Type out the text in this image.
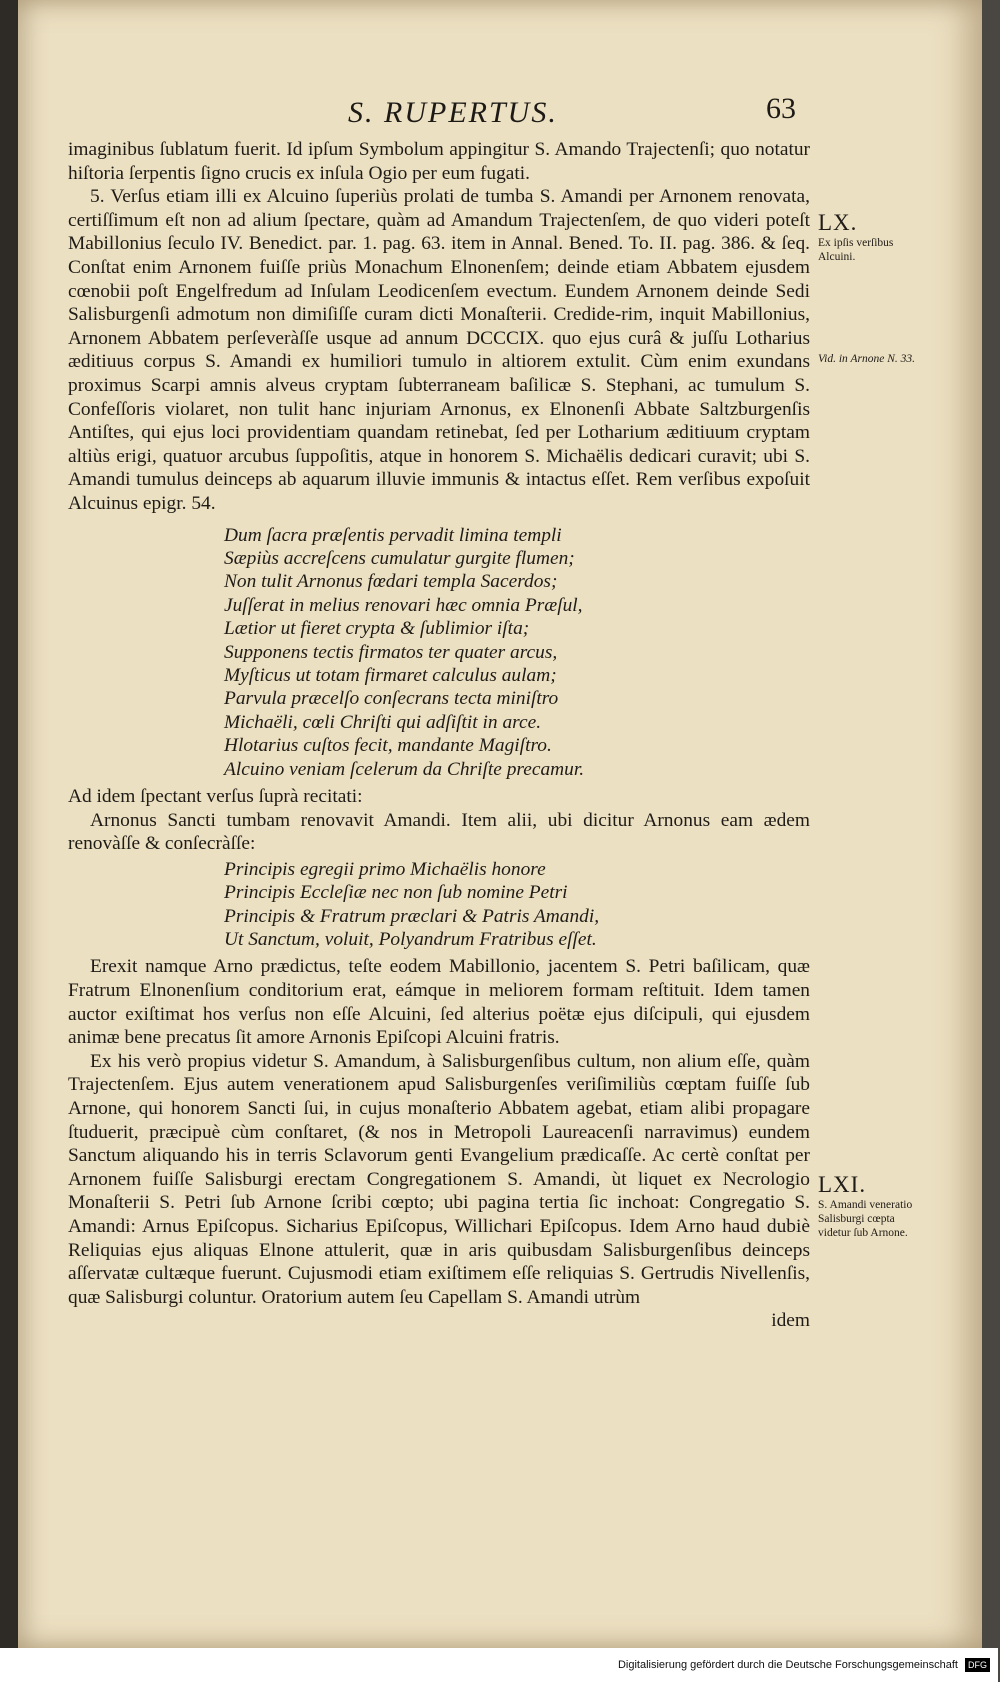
S. RUPERTUS.	63

imaginibus ſublatum fuerit. Id ipſum Symbolum appingitur S. Amando Trajectenſi; quo notatur hiſtoria ſerpentis ſigno crucis ex inſula Ogio per eum fugati.

5. Verſus etiam illi ex Alcuino ſuperiùs prolati de tumba S. Amandi per Arnonem renovata, certiſſimum eſt non ad alium ſpectare, quàm ad Amandum Trajectenſem, de quo videri poteſt Mabillonius ſeculo IV. Benedict. par. 1. pag. 63. item in Annal. Bened. To. II. pag. 386. & ſeq. Conſtat enim Arnonem fuiſſe priùs Monachum Elnonenſem; deinde etiam Abbatem ejusdem cœnobii poſt Engelfredum ad Inſulam Leodicenſem evectum. Eundem Arnonem deinde Sedi Salisburgenſi admotum non dimiſiſſe curam dicti Monaſterii. Credide-rim, inquit Mabillonius, Arnonem Abbatem perſeveràſſe usque ad annum DCCCIX. quo ejus curâ & juſſu Lotharius æditiuus corpus S. Amandi ex humiliori tumulo in altiorem extulit. Cùm enim exundans proximus Scarpi amnis alveus cryptam ſubterraneam baſilicæ S. Stephani, ac tumulum S. Confeſſoris violaret, non tulit hanc injuriam Arnonus, ex Elnonenſi Abbate Saltzburgenſis Antiſtes, qui ejus loci providentiam quandam retinebat, ſed per Lotharium æditiuum cryptam altiùs erigi, quatuor arcubus ſuppoſitis, atque in honorem S. Michaëlis dedicari curavit; ubi S. Amandi tumulus deinceps ab aquarum illuvie immunis & intactus eſſet. Rem verſibus expoſuit Alcuinus epigr. 54.

Dum ſacra præſentis pervadit limina templi
Sæpiùs accreſcens cumulatur gurgite flumen;
Non tulit Arnonus fœdari templa Sacerdos;
Juſſerat in melius renovari hæc omnia Præſul,
Lætior ut fieret crypta & ſublimior iſta;
Supponens tectis firmatos ter quater arcus,
Myſticus ut totam firmaret calculus aulam;
Parvula præcelſo conſecrans tecta miniſtro
Michaëli, cœli Chriſti qui adſiſtit in arce.
Hlotarius cuſtos fecit, mandante Magiſtro.
Alcuino veniam ſcelerum da Chriſte precamur.

Ad idem ſpectant verſus ſuprà recitati:

Arnonus Sancti tumbam renovavit Amandi. Item alii, ubi dicitur Arnonus eam ædem renovàſſe & conſecràſſe:

Principis egregii primo Michaëlis honore
Principis Eccleſiæ nec non ſub nomine Petri
Principis & Fratrum præclari & Patris Amandi,
Ut Sanctum, voluit, Polyandrum Fratribus eſſet.

Erexit namque Arno prædictus, teſte eodem Mabillonio, jacentem S. Petri baſilicam, quæ Fratrum Elnonenſium conditorium erat, eámque in meliorem formam reſtituit. Idem tamen auctor exiſtimat hos verſus non eſſe Alcuini, ſed alterius poëtæ ejus diſcipuli, qui ejusdem animæ bene precatus ſit amore Arnonis Epiſcopi Alcuini fratris.

Ex his verò propius videtur S. Amandum, à Salisburgenſibus cultum, non alium eſſe, quàm Trajectenſem. Ejus autem venerationem apud Salisburgenſes veriſimiliùs cœptam fuiſſe ſub Arnone, qui honorem Sancti ſui, in cujus monaſterio Abbatem agebat, etiam alibi propagare ſtuduerit, præcipuè cùm conſtaret, (& nos in Metropoli Laureacenſi narravimus) eundem Sanctum aliquando his in terris Sclavorum genti Evangelium prædicaſſe. Ac certè conſtat per Arnonem fuiſſe Salisburgi erectam Congregationem S. Amandi, ùt liquet ex Necrologio Monaſterii S. Petri ſub Arnone ſcribi cœpto; ubi pagina tertia ſic inchoat: Congregatio S. Amandi: Arnus Epiſcopus. Sicharius Epiſcopus, Willichari Epiſcopus. Idem Arno haud dubiè Reliquias ejus aliquas Elnone attulerit, quæ in aris quibusdam Salisburgenſibus deinceps aſſervatæ cultæque fuerunt. Cujusmodi etiam exiſtimem eſſe reliquias S. Gertrudis Nivellenſis, quæ Salisburgi coluntur. Oratorium autem ſeu Capellam S. Amandi utrùm

idem

LX.
Ex ipſis verſibus Alcuini.
Vid. in Arnone N. 33.
LXI.
S. Amandi veneratio Salisburgi cœpta videtur ſub Arnone.
Digitalisierung gefördert durch die Deutsche Forschungsgemeinschaft DFG
